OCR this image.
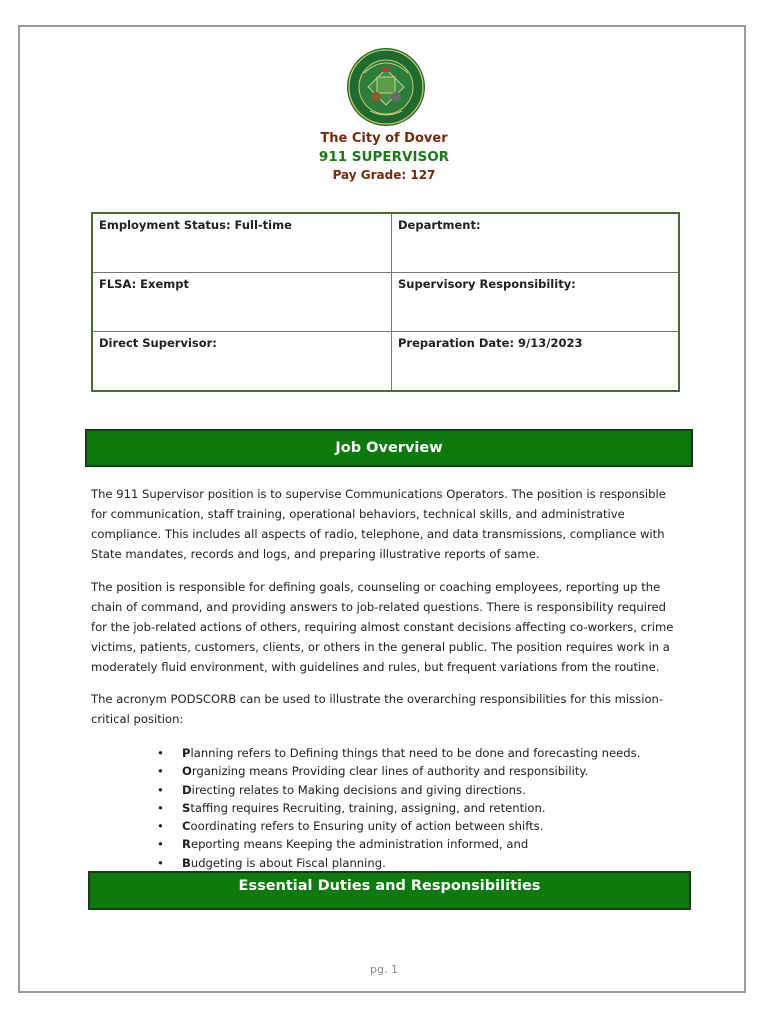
The City of Dover
911 SUPERVISOR
Pay Grade: 127
Employment Status: Full-time	Department:
FLSA: Exempt	Supervisory Responsibility:
Direct Supervisor:	Preparation Date: 9/13/2023
Job Overview
The 911 Supervisor position is to supervise Communications Operators. The position is responsible for communication, staff training, operational behaviors, technical skills, and administrative compliance. This includes all aspects of radio, telephone, and data transmissions, compliance with State mandates, records and logs, and preparing illustrative reports of same.
The position is responsible for defining goals, counseling or coaching employees, reporting up the chain of command, and providing answers to job-related questions. There is responsibility required for the job-related actions of others, requiring almost constant decisions affecting co-workers, crime victims, patients, customers, clients, or others in the general public. The position requires work in a moderately fluid environment, with guidelines and rules, but frequent variations from the routine.
The acronym PODSCORB can be used to illustrate the overarching responsibilities for this mission-critical position:
• Planning refers to Defining things that need to be done and forecasting needs.
• Organizing means Providing clear lines of authority and responsibility.
• Directing relates to Making decisions and giving directions.
• Staffing requires Recruiting, training, assigning, and retention.
• Coordinating refers to Ensuring unity of action between shifts.
• Reporting means Keeping the administration informed, and
• Budgeting is about Fiscal planning.
Essential Duties and Responsibilities
pg. 1
